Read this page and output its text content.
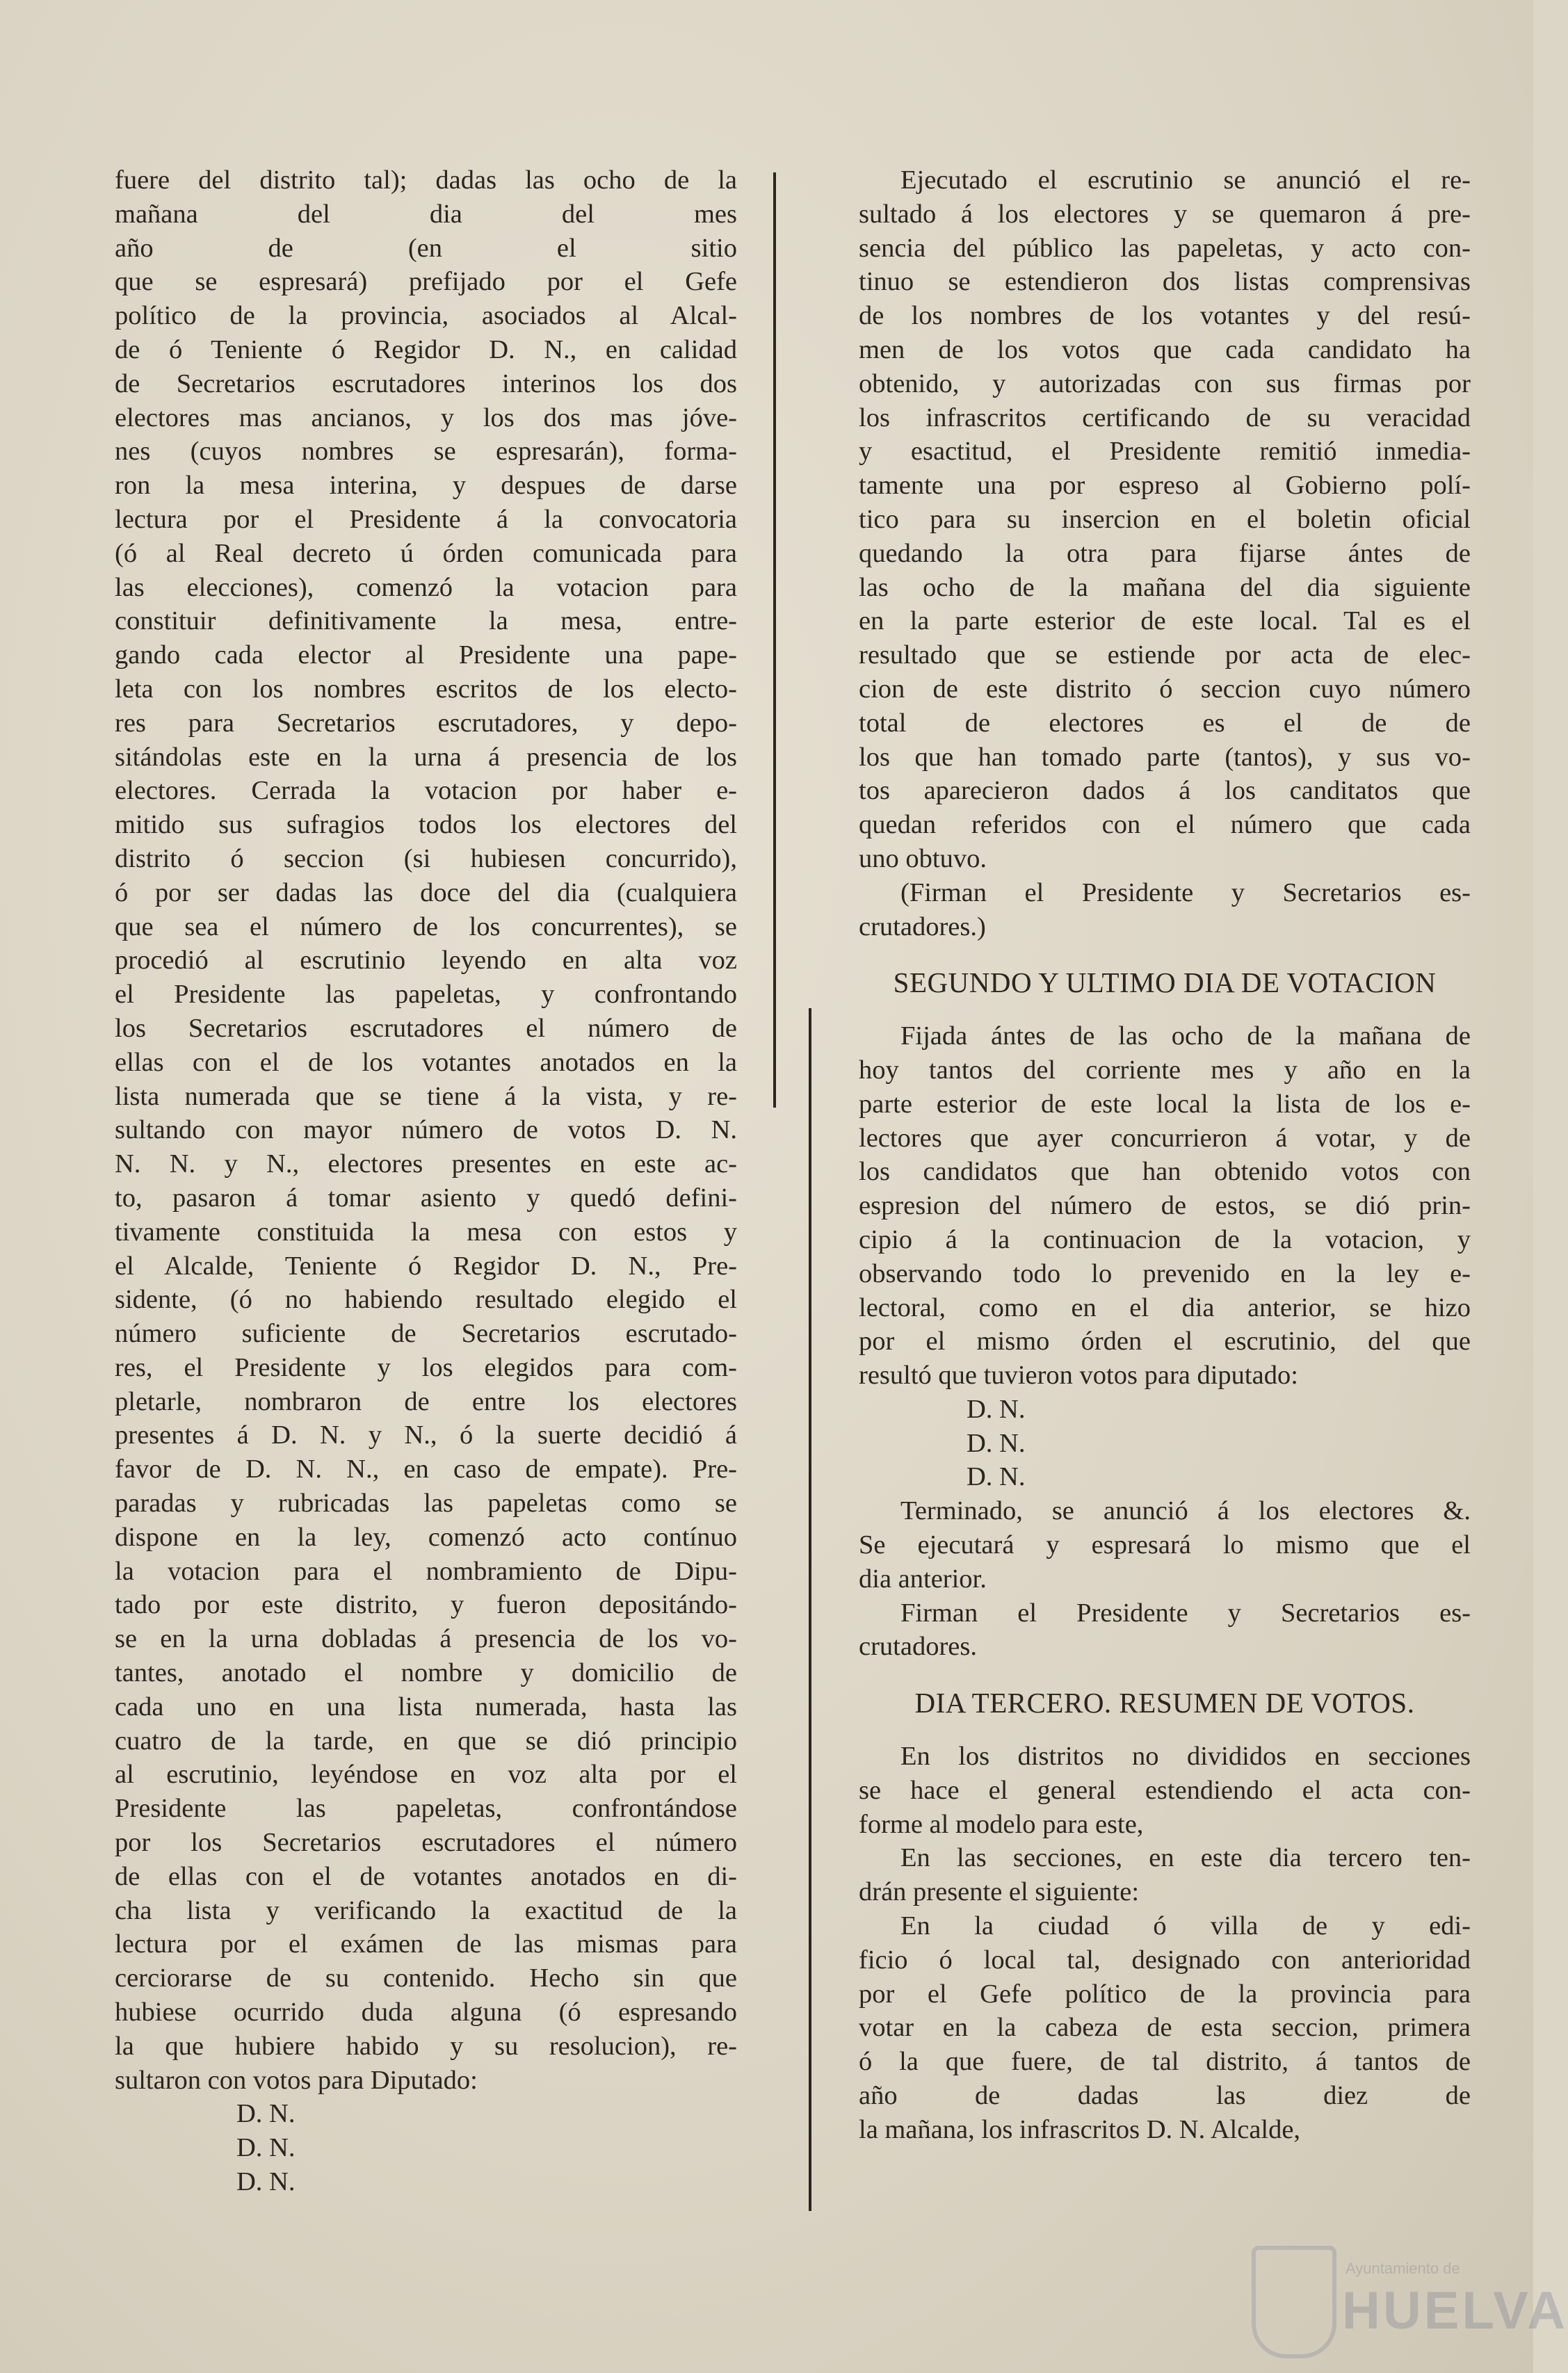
fuere del distrito tal); dadas las ocho de la
mañana del dia del mes
año de (en el sitio
que se espresará) prefijado por el Gefe
político de la provincia, asociados al Alcal-
de ó Teniente ó Regidor D. N., en calidad
de Secretarios escrutadores interinos los dos
electores mas ancianos, y los dos mas jóve-
nes (cuyos nombres se espresarán), forma-
ron la mesa interina, y despues de darse
lectura por el Presidente á la convocatoria
(ó al Real decreto ú órden comunicada para
las elecciones), comenzó la votacion para
constituir definitivamente la mesa, entre-
gando cada elector al Presidente una pape-
leta con los nombres escritos de los electo-
res para Secretarios escrutadores, y depo-
sitándolas este en la urna á presencia de los
electores. Cerrada la votacion por haber e-
mitido sus sufragios todos los electores del
distrito ó seccion (si hubiesen concurrido),
ó por ser dadas las doce del dia (cualquiera
que sea el número de los concurrentes), se
procedió al escrutinio leyendo en alta voz
el Presidente las papeletas, y confrontando
los Secretarios escrutadores el número de
ellas con el de los votantes anotados en la
lista numerada que se tiene á la vista, y re-
sultando con mayor número de votos D. N.
N. N. y N., electores presentes en este ac-
to, pasaron á tomar asiento y quedó defini-
tivamente constituida la mesa con estos y
el Alcalde, Teniente ó Regidor D. N., Pre-
sidente, (ó no habiendo resultado elegido el
número suficiente de Secretarios escrutado-
res, el Presidente y los elegidos para com-
pletarle, nombraron de entre los electores
presentes á D. N. y N., ó la suerte decidió á
favor de D. N. N., en caso de empate). Pre-
paradas y rubricadas las papeletas como se
dispone en la ley, comenzó acto contínuo
la votacion para el nombramiento de Dipu-
tado por este distrito, y fueron depositándo-
se en la urna dobladas á presencia de los vo-
tantes, anotado el nombre y domicilio de
cada uno en una lista numerada, hasta las
cuatro de la tarde, en que se dió principio
al escrutinio, leyéndose en voz alta por el
Presidente las papeletas, confrontándose
por los Secretarios escrutadores el número
de ellas con el de votantes anotados en di-
cha lista y verificando la exactitud de la
lectura por el exámen de las mismas para
cerciorarse de su contenido. Hecho sin que
hubiese ocurrido duda alguna (ó espresando
la que hubiere habido y su resolucion), re-
sultaron con votos para Diputado:
D. N.
D. N.
D. N.
Ejecutado el escrutinio se anunció el re-
sultado á los electores y se quemaron á pre-
sencia del público las papeletas, y acto con-
tinuo se estendieron dos listas comprensivas
de los nombres de los votantes y del resú-
men de los votos que cada candidato ha
obtenido, y autorizadas con sus firmas por
los infrascritos certificando de su veracidad
y esactitud, el Presidente remitió inmedia-
tamente una por espreso al Gobierno polí-
tico para su insercion en el boletin oficial
quedando la otra para fijarse ántes de
las ocho de la mañana del dia siguiente
en la parte esterior de este local. Tal es el
resultado que se estiende por acta de elec-
cion de este distrito ó seccion cuyo número
total de electores es el de de
los que han tomado parte (tantos), y sus vo-
tos aparecieron dados á los canditatos que
quedan referidos con el número que cada
uno obtuvo.
(Firman el Presidente y Secretarios es-
crutadores.)
SEGUNDO Y ULTIMO DIA DE VOTACION
Fijada ántes de las ocho de la mañana de
hoy tantos del corriente mes y año en la
parte esterior de este local la lista de los e-
lectores que ayer concurrieron á votar, y de
los candidatos que han obtenido votos con
espresion del número de estos, se dió prin-
cipio á la continuacion de la votacion, y
observando todo lo prevenido en la ley e-
lectoral, como en el dia anterior, se hizo
por el mismo órden el escrutinio, del que
resultó que tuvieron votos para diputado:
D. N.
D. N.
D. N.
Terminado, se anunció á los electores &.
Se ejecutará y espresará lo mismo que el
dia anterior.
Firman el Presidente y Secretarios es-
crutadores.
DIA TERCERO. RESUMEN DE VOTOS.
En los distritos no divididos en secciones
se hace el general estendiendo el acta con-
forme al modelo para este,
En las secciones, en este dia tercero ten-
drán presente el siguiente:
En la ciudad ó villa de y edi-
ficio ó local tal, designado con anterioridad
por el Gefe político de la provincia para
votar en la cabeza de esta seccion, primera
ó la que fuere, de tal distrito, á tantos de
año de dadas las diez de
la mañana, los infrascritos D. N. Alcalde,
Ayuntamiento de
HUELVA
